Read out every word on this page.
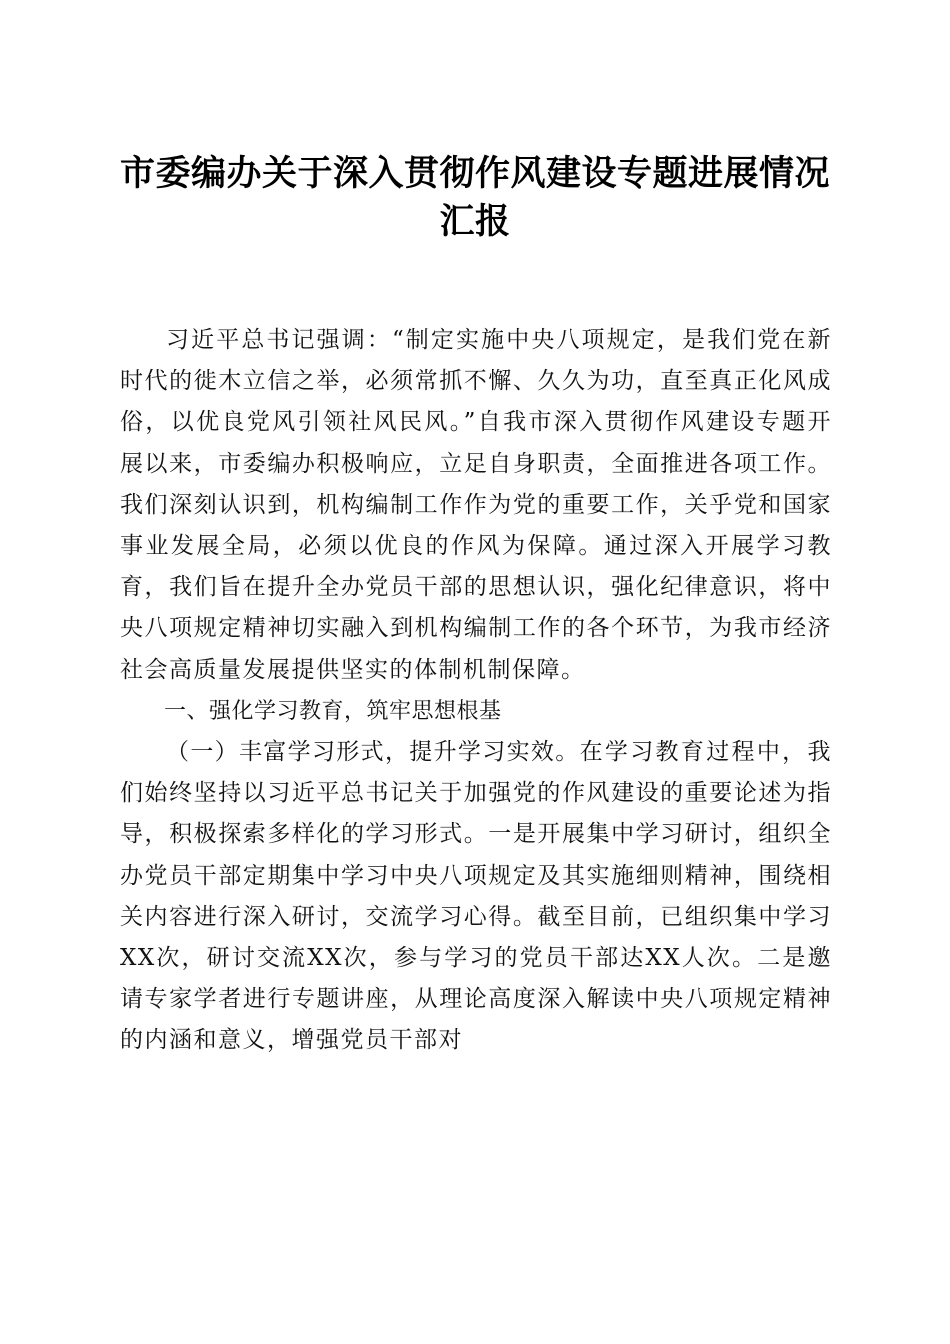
市委编办关于深入贯彻作风建设专题进展情况
汇报

习近平总书记强调：“制定实施中央八项规定，是我们党在新时代的徙木立信之举，必须常抓不懈、久久为功，直至真正化风成俗，以优良党风引领社风民风。”自我市深入贯彻作风建设专题开展以来，市委编办积极响应，立足自身职责，全面推进各项工作。我们深刻认识到，机构编制工作作为党的重要工作，关乎党和国家事业发展全局，必须以优良的作风为保障。通过深入开展学习教育，我们旨在提升全办党员干部的思想认识，强化纪律意识，将中央八项规定精神切实融入到机构编制工作的各个环节，为我市经济社会高质量发展提供坚实的体制机制保障。

一、强化学习教育，筑牢思想根基

（一）丰富学习形式，提升学习实效。在学习教育过程中，我们始终坚持以习近平总书记关于加强党的作风建设的重要论述为指导，积极探索多样化的学习形式。一是开展集中学习研讨，组织全办党员干部定期集中学习中央八项规定及其实施细则精神，围绕相关内容进行深入研讨，交流学习心得。截至目前，已组织集中学习XX次，研讨交流XX次，参与学习的党员干部达XX人次。二是邀请专家学者进行专题讲座，从理论高度深入解读中央八项规定精神的内涵和意义，增强党员干部对
